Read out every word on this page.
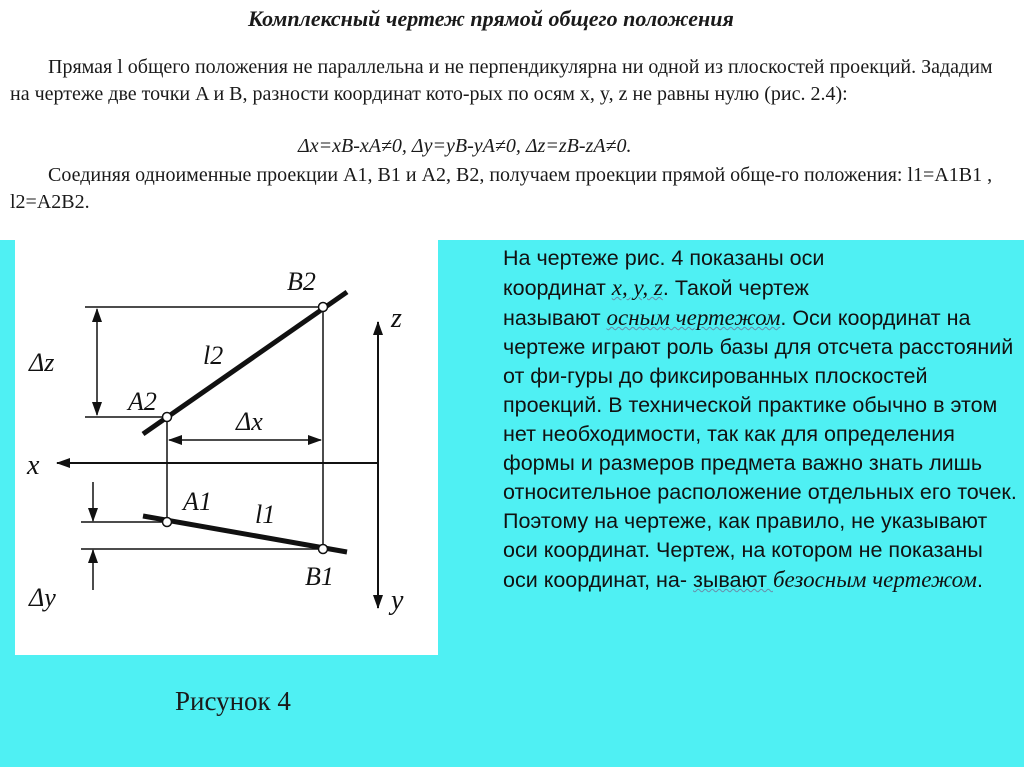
Комплексный чертеж прямой общего положения
Прямая l общего положения не параллельна и не перпендикулярна ни одной из плоскостей проекций. Зададим на чертеже две точки A и B, разности координат кото-рых по осям x, y, z не равны нулю (рис. 2.4):
Δx=xB-xA≠0, Δy=yB-yA≠0, Δz=zB-zA≠0.
Соединяя одноименные проекции A1, B1 и A2, B2, получаем проекции прямой обще-го положения: l1=A1B1 , l2=A2B2.
B2
A2
A1
B1
l2
l1
Δz
Δx
Δy
x
z
y
Рисунок 4
На чертеже рис. 4 показаны оси
координат x, y, z. Такой чертеж
называют осным чертежом. Оси координат на чертеже играют роль базы для отсчета расстояний от фи-гуры до фиксированных плоскостей проекций. В технической практике обычно в этом нет необходимости, так как для определения формы и размеров предмета важно знать лишь относительное расположение отдельных его точек. Поэтому на чертеже, как правило, не указывают оси координат. Чертеж, на котором не показаны оси координат, на- зывают безосным чертежом.
